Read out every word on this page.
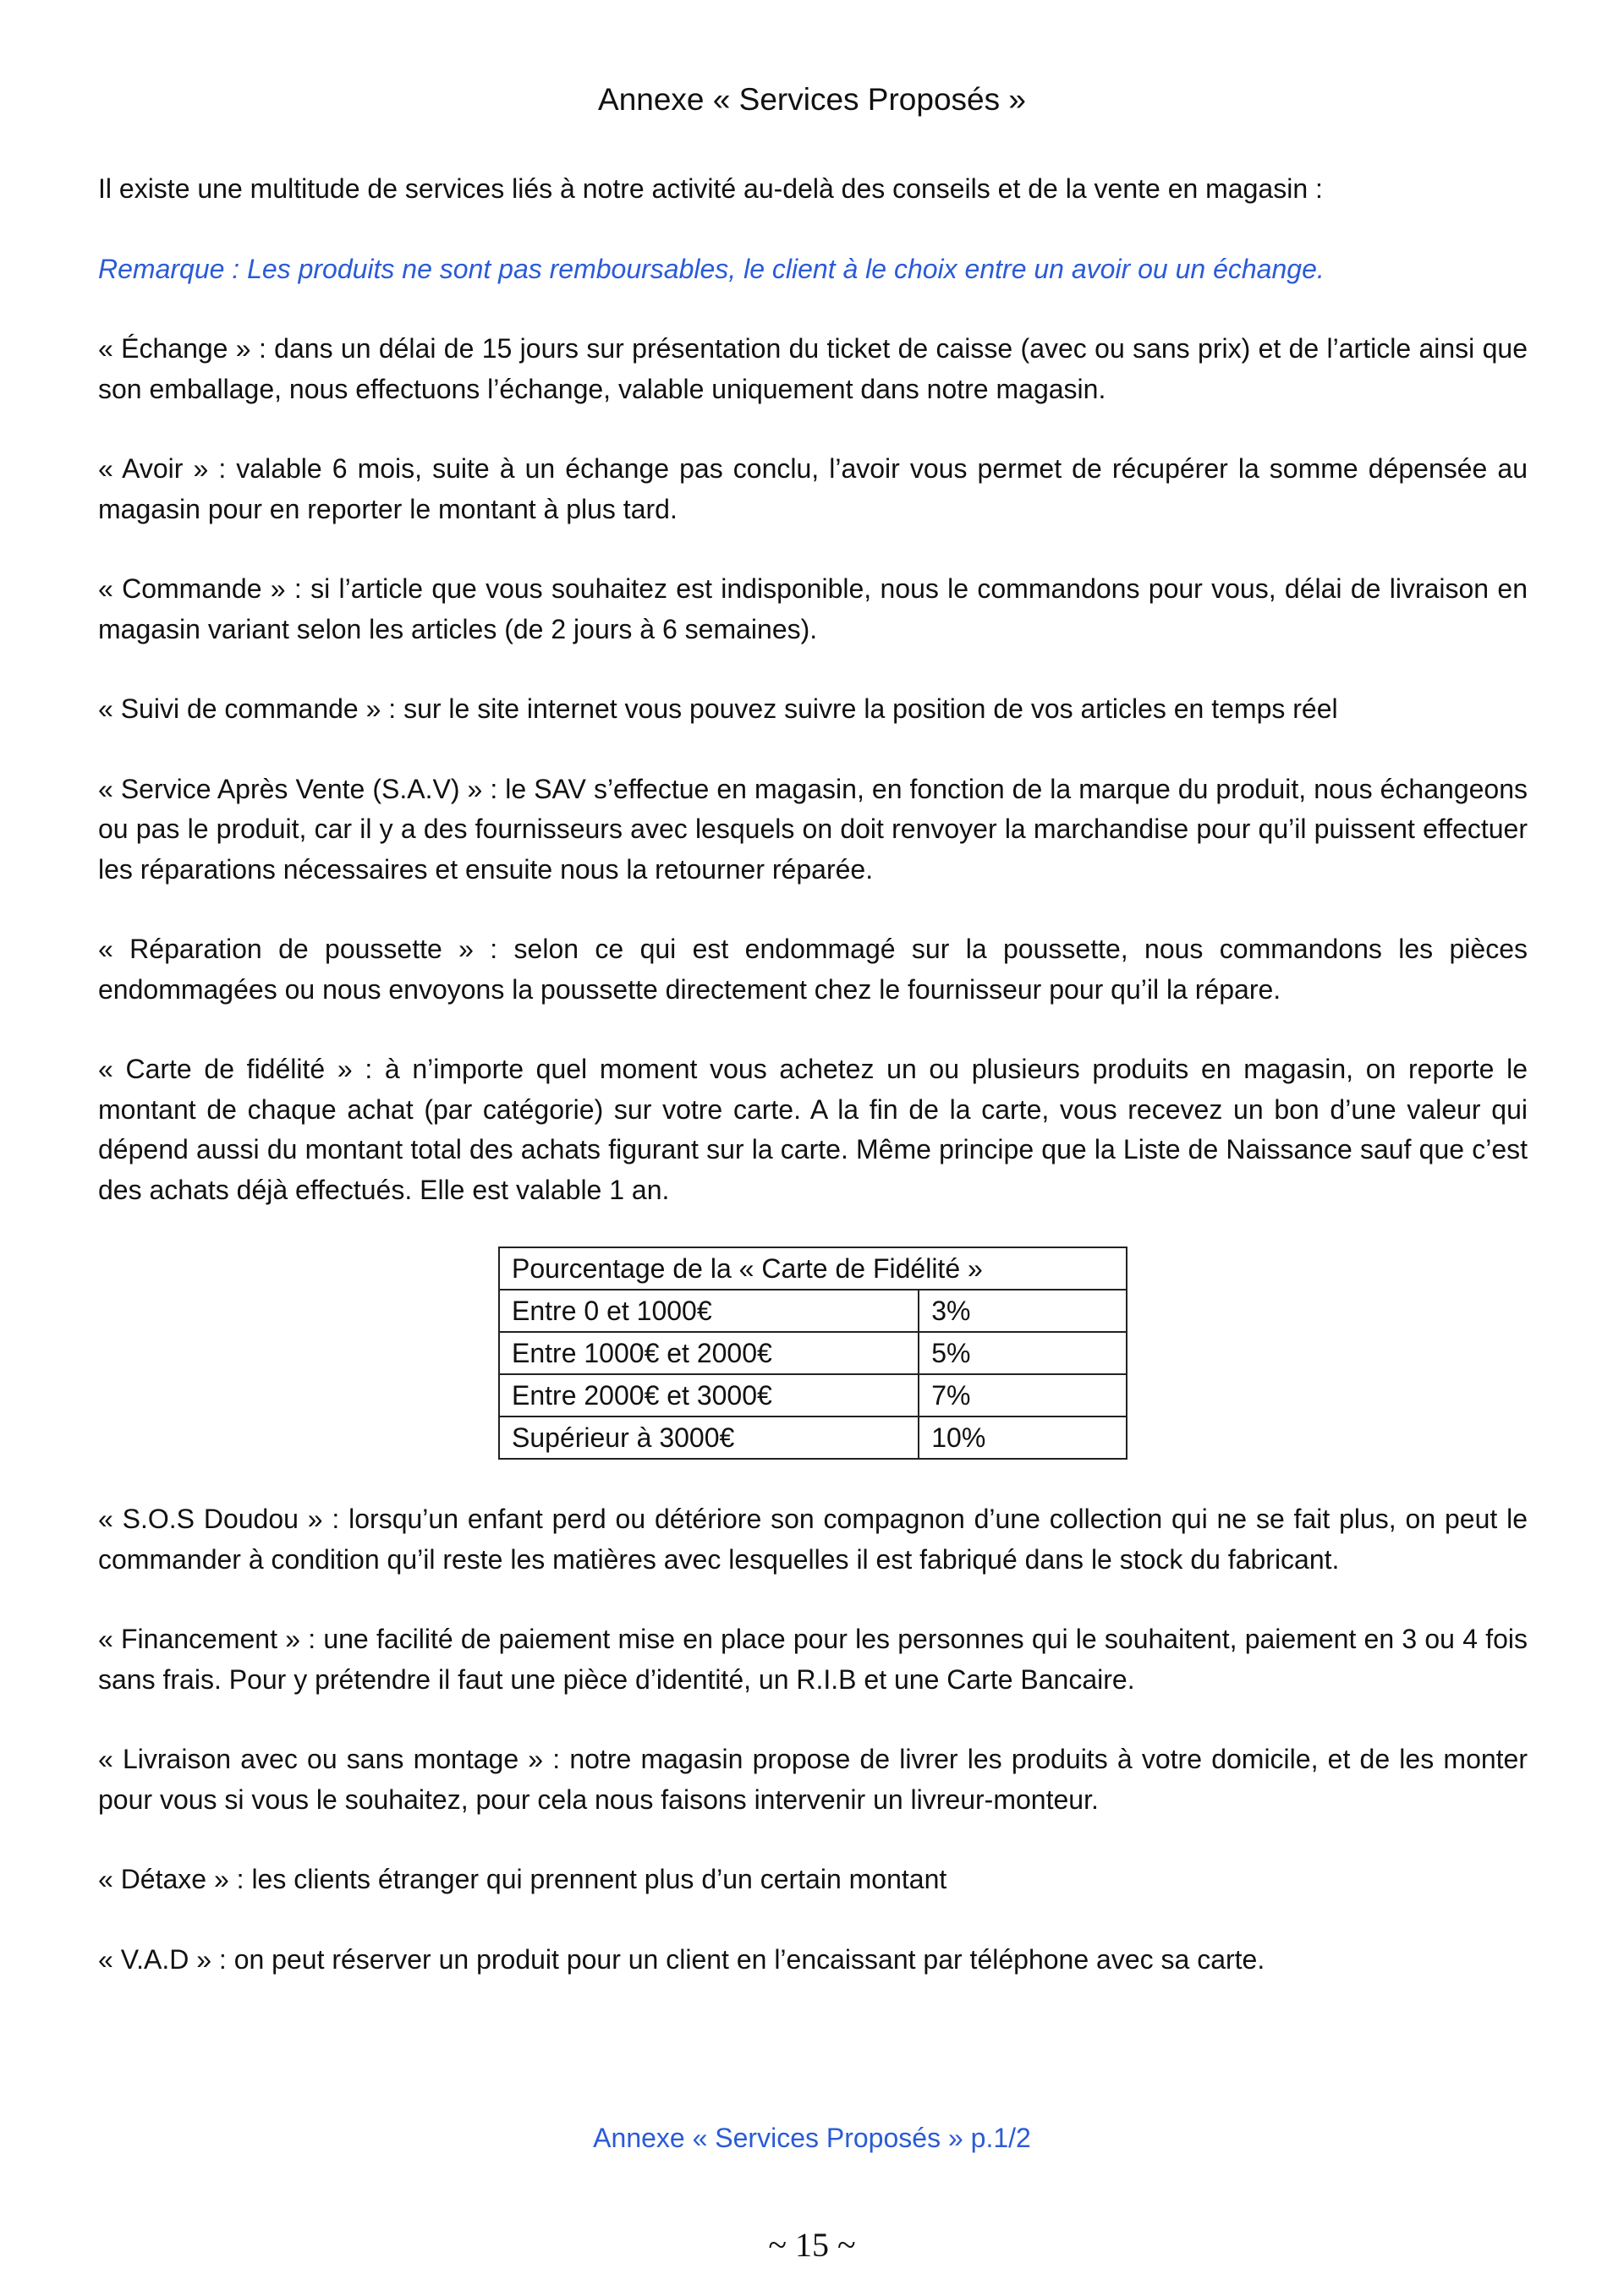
Annexe « Services Proposés »

Il existe une multitude de services liés à notre activité au-delà des conseils et de la vente en magasin :

Remarque : Les produits ne sont pas remboursables, le client à le choix entre un avoir ou un échange.

« Échange » : dans un délai de 15 jours sur présentation du ticket de caisse (avec ou sans prix) et de l’article ainsi que son emballage, nous effectuons l’échange, valable uniquement dans notre magasin.

« Avoir » : valable 6 mois, suite à un échange pas conclu, l’avoir vous permet de récupérer la somme dépensée au magasin pour en reporter le montant à plus tard.

« Commande » : si l’article que vous souhaitez est indisponible, nous le commandons pour vous, délai de livraison en magasin variant selon les articles (de 2 jours à 6 semaines).

« Suivi de commande » : sur le site internet vous pouvez suivre la position de vos articles en temps réel

« Service Après Vente (S.A.V) » : le SAV s’effectue en magasin, en fonction de la marque du produit, nous échangeons ou pas le produit, car il y a des fournisseurs avec lesquels on doit renvoyer la marchandise pour qu’il puissent effectuer les réparations nécessaires et ensuite nous la retourner réparée.

« Réparation de poussette » : selon ce qui est endommagé sur la poussette, nous commandons les pièces endommagées ou nous envoyons la poussette directement chez le fournisseur pour qu’il la répare.

« Carte de fidélité » : à n’importe quel moment vous achetez un ou plusieurs produits en magasin, on reporte le montant de chaque achat (par catégorie) sur votre carte. A la fin de la carte, vous recevez un bon d’une valeur qui dépend aussi du montant total des achats figurant sur la carte. Même principe que la Liste de Naissance sauf que c’est des achats déjà effectués. Elle est valable 1 an.

Pourcentage de la « Carte de Fidélité »	
Entre 0 et 1000€	3%
Entre 1000€ et 2000€	5%
Entre 2000€ et 3000€	7%
Supérieur à 3000€	10%

« S.O.S Doudou » : lorsqu’un enfant perd ou détériore son compagnon d’une collection qui ne se fait plus, on peut le commander à condition qu’il reste les matières avec lesquelles il est fabriqué dans le stock du fabricant.

« Financement » : une facilité de paiement mise en place pour les personnes qui le souhaitent, paiement en 3 ou 4 fois sans frais. Pour y prétendre il faut une pièce d’identité, un R.I.B et une Carte Bancaire.

« Livraison avec ou sans montage » : notre magasin propose de livrer les produits à votre domicile, et de les monter pour vous si vous le souhaitez, pour cela nous faisons intervenir un livreur-monteur.

« Détaxe » : les clients étranger qui prennent plus d’un certain montant

« V.A.D » : on peut réserver un produit pour un client en l’encaissant par téléphone avec sa carte.

Annexe « Services Proposés » p.1/2
~ 15 ~
